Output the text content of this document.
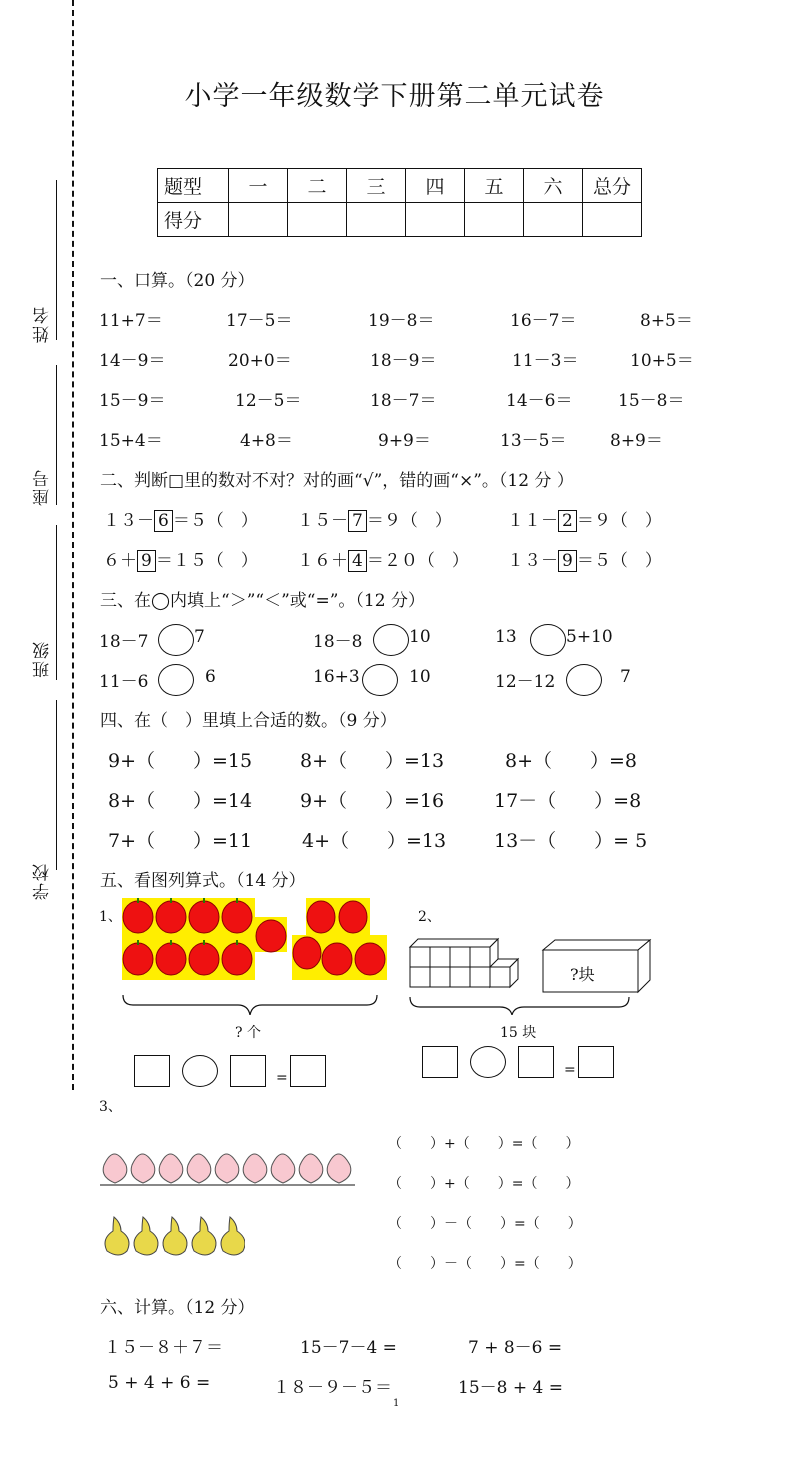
姓名
座号
班级
学校
小学一年级数学下册第二单元试卷
题型	一	二	三	四	五	六	总分
得分							
一、口算。（20 分）
11+7＝	17－5＝	19－8＝	16－7＝	8+5＝
14－9＝	20+0＝	18－9＝	11－3＝	10+5＝
15－9＝	12－5＝	18－7＝	14－6＝	15－8＝
15+4＝	4+8＝	9+9＝	13－5＝	8+9＝
二、判断□里的数对不对？对的画“√”，错的画“×”。（12 分 ）
１３－ 6 ＝５（　） １５－ 7 ＝９（　）	１１－ 2 ＝９（　）
６＋ 9 ＝１５（　） １６＋ 4 ＝２０（　） １３－ 9 ＝５（　）
三、在◯内填上“＞”“＜”或“=”。（12 分）
18－7	7	18－8	10	13	5+10
11－6	6	16+3	10	12－12	7
四、在（　）里填上合适的数。（9 分）
9+（　　）=15	8+（　　）=13	8+（　　）=8
8+（　　）=14	9+（　　）=16	17－（　　）=8
7+（　　）=11	4+（　　）=13	13－（　　）= 5
五、看图列算式。（14 分）
1、	2、
? 个
?块
15 块
=	=
3、
（　　）+（　　）=（　　）
（　　）+（　　）=（　　）
（　　）－（　　）=（　　）
（　　）－（　　）=（　　）
六、计算。（12 分）
１５－８＋７＝	15－7－4 =	7 + 8－6 =
5 + 4 + 6 =	１８－９－５＝	15－8 + 4 =
1
